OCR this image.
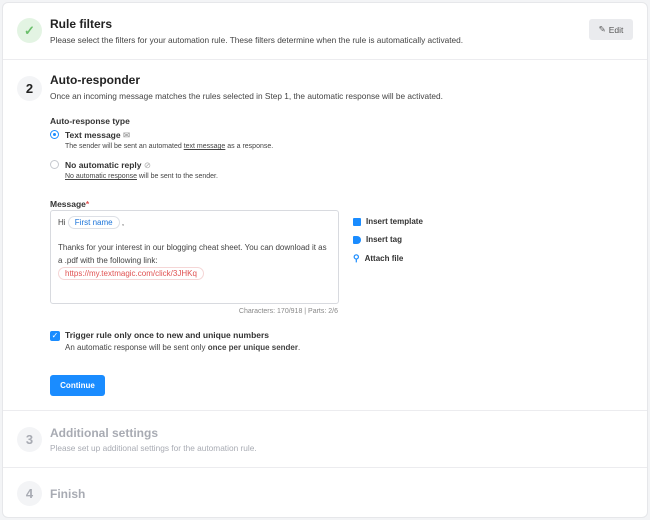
✓	Rule filters
Please select the filters for your automation rule. These filters determine when the rule is automatically activated.
✎ Edit
2
Auto-responder
Once an incoming message matches the rules selected in Step 1, the automatic response will be activated.
Auto-response type
Text message ✉
The sender will be sent an automated text message as a response.
No automatic reply ⊘
No automatic response will be sent to the sender.
Message*
Hi First name ,
Thanks for your interest in our blogging cheat sheet. You can download it as a .pdf with the following link:
https://my.textmagic.com/click/3JHKq
Insert template
Insert tag
⚲ Attach file
Characters: 170/918 | Parts: 2/6
✓ Trigger rule only once to new and unique numbers
An automatic response will be sent only once per unique sender.
Continue
3	Additional settings
Please set up additional settings for the automation rule.
4	Finish
